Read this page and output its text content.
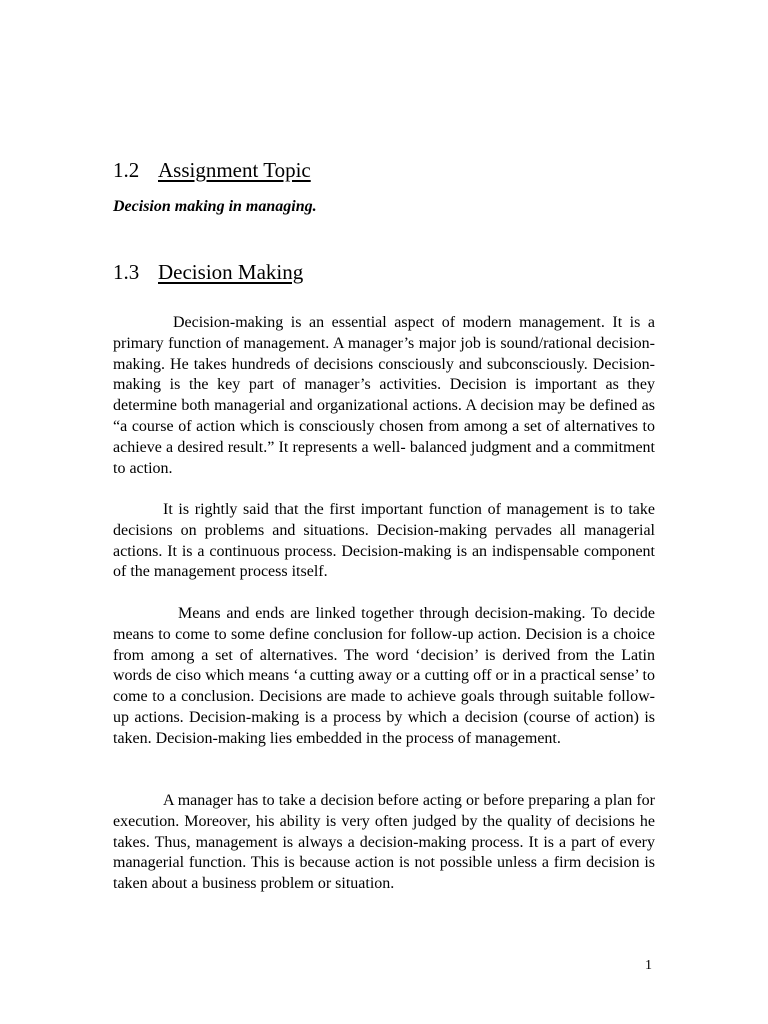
1.2 Assignment Topic

Decision making in managing.

1.3 Decision Making

Decision-making is an essential aspect of modern management. It is a primary function of management. A manager’s major job is sound/rational decision-making. He takes hundreds of decisions consciously and subconsciously. Decision-making is the key part of manager’s activities. Decision is important as they determine both managerial and organizational actions. A decision may be defined as “a course of action which is consciously chosen from among a set of alternatives to achieve a desired result.” It represents a well- balanced judgment and a commitment to action.

It is rightly said that the first important function of management is to take decisions on problems and situations. Decision-making pervades all managerial actions. It is a continuous process. Decision-making is an indispensable component of the management process itself.

Means and ends are linked together through decision-making. To decide means to come to some define conclusion for follow-up action. Decision is a choice from among a set of alternatives. The word ‘decision’ is derived from the Latin words de ciso which means ‘a cutting away or a cutting off or in a practical sense’ to come to a conclusion. Decisions are made to achieve goals through suitable follow-up actions. Decision-making is a process by which a decision (course of action) is taken. Decision-making lies embedded in the process of management.

A manager has to take a decision before acting or before preparing a plan for execution. Moreover, his ability is very often judged by the quality of decisions he takes. Thus, management is always a decision-making process. It is a part of every managerial function. This is because action is not possible unless a firm decision is taken about a business problem or situation.

1
